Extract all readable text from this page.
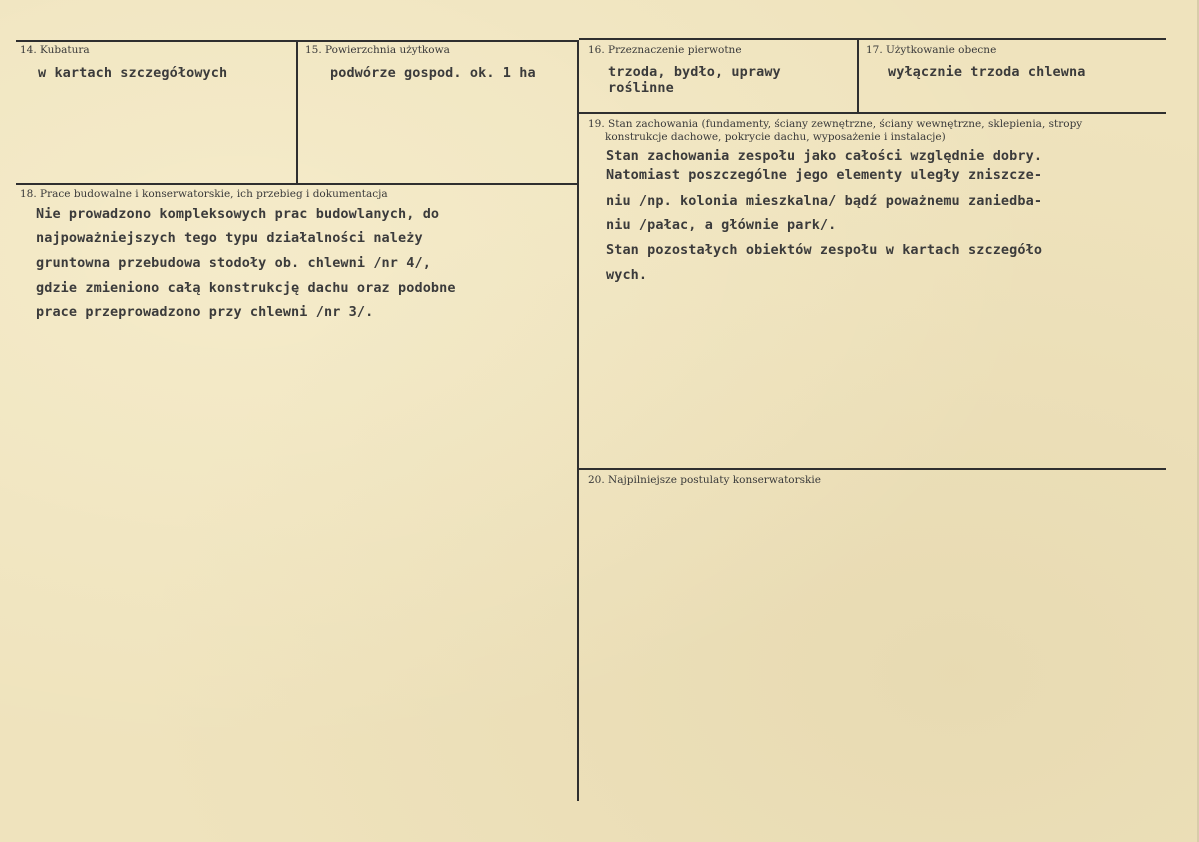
14. Kubatura
w kartach szczegółowych
15. Powierzchnia użytkowa
podwórze gospod. ok. 1 ha
16. Przeznaczenie pierwotne
trzoda, bydło, uprawy
roślinne
17. Użytkowanie obecne
wyłącznie trzoda chlewna
18. Prace budowalne i konserwatorskie, ich przebieg i dokumentacja
Nie prowadzono kompleksowych prac budowlanych, do
najpoważniejszych tego typu działalności należy
gruntowna przebudowa stodoły ob. chlewni /nr 4/,
gdzie zmieniono całą konstrukcję dachu oraz podobne
prace przeprowadzono przy chlewni /nr 3/.
19. Stan zachowania (fundamenty, ściany zewnętrzne, ściany wewnętrzne, sklepienia, stropy
konstrukcje dachowe, pokrycie dachu, wyposażenie i instalacje)
Stan zachowania zespołu jako całości względnie dobry.
Natomiast poszczególne jego elementy uległy zniszcze-
niu /np. kolonia mieszkalna/ bądź poważnemu zaniedba-
niu /pałac, a głównie park/.
Stan pozostałych obiektów zespołu w kartach szczegóło
wych.
20. Najpilniejsze postulaty konserwatorskie
